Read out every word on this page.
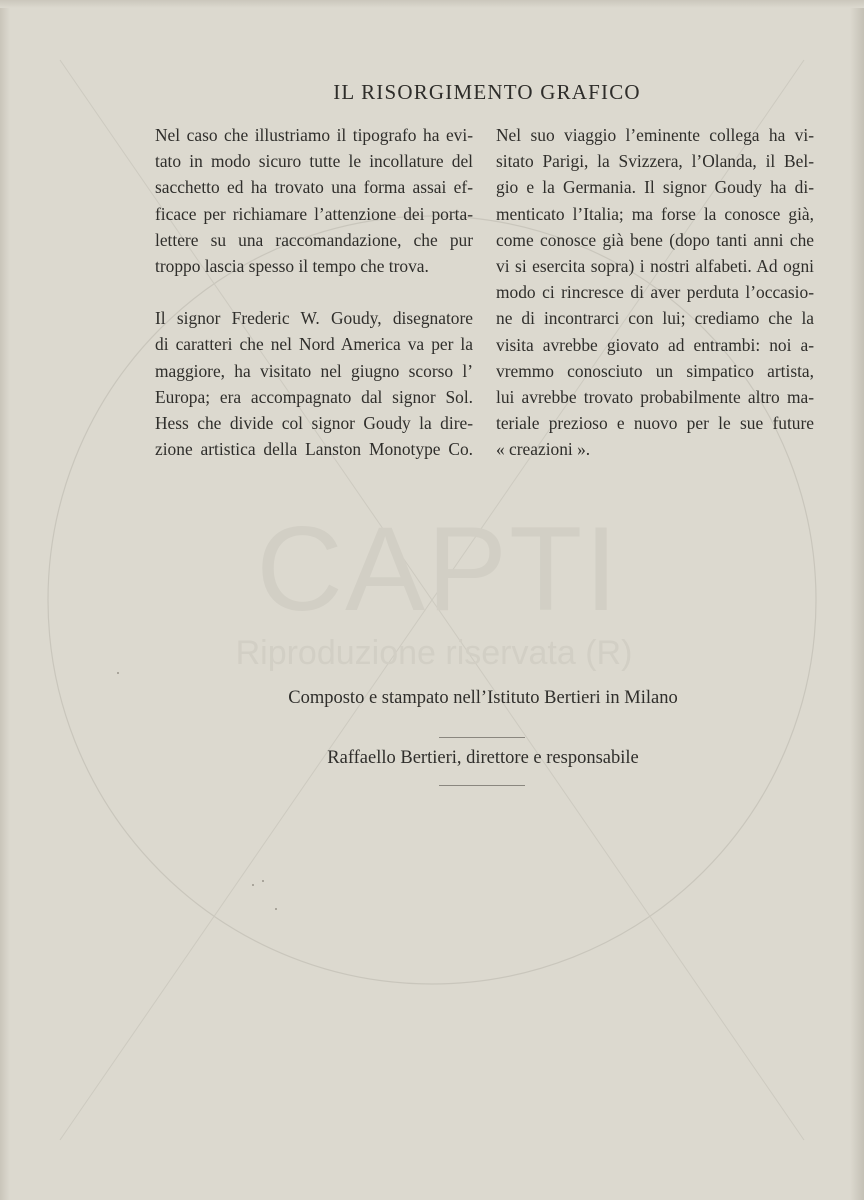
CAPTI
Riproduzione riservata (R)
IL RISORGIMENTO GRAFICO
Nel caso che illustriamo il tipografo ha evi-
tato in modo sicuro tutte le incollature del
sacchetto ed ha trovato una forma assai ef-
ficace per richiamare l’attenzione dei porta-
lettere su una raccomandazione, che pur
troppo lascia spesso il tempo che trova.
Il signor Frederic W. Goudy, disegnatore
di caratteri che nel Nord America va per la
maggiore, ha visitato nel giugno scorso l’
Europa; era accompagnato dal signor Sol.
Hess che divide col signor Goudy la dire-
zione artistica della Lanston Monotype Co.
Nel suo viaggio l’eminente collega ha vi-
sitato Parigi, la Svizzera, l’Olanda, il Bel-
gio e la Germania. Il signor Goudy ha di-
menticato l’Italia; ma forse la conosce già,
come conosce già bene (dopo tanti anni che
vi si esercita sopra) i nostri alfabeti. Ad ogni
modo ci rincresce di aver perduta l’occasio-
ne di incontrarci con lui; crediamo che la
visita avrebbe giovato ad entrambi: noi a-
vremmo conosciuto un simpatico artista,
lui avrebbe trovato probabilmente altro ma-
teriale prezioso e nuovo per le sue future
« creazioni ».
Composto e stampato nell’Istituto Bertieri in Milano
Raffaello Bertieri, direttore e responsabile
